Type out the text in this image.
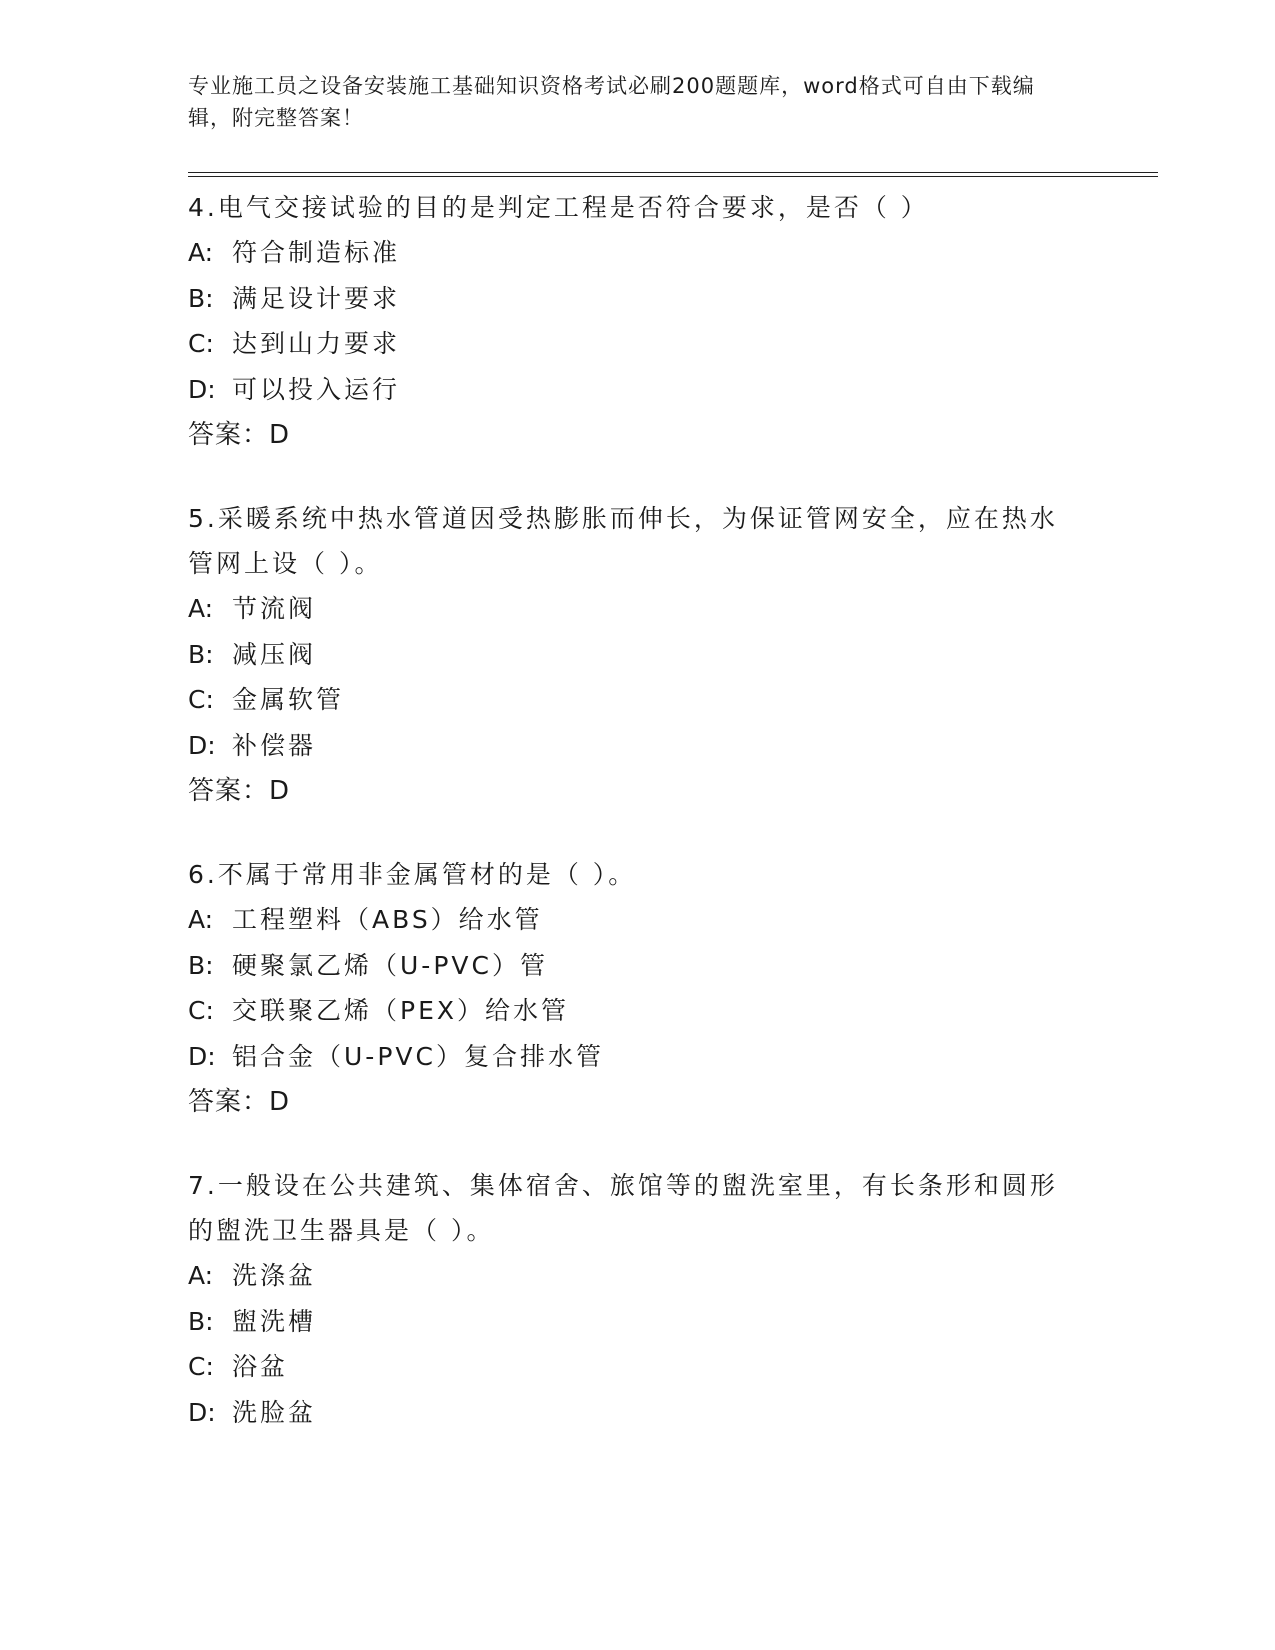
专业施工员之设备安装施工基础知识资格考试必刷200题题库，word格式可自由下载编辑，附完整答案！

4.电气交接试验的目的是判定工程是否符合要求，是否（ ）

A: 符合制造标准

B: 满足设计要求

C: 达到山力要求

D: 可以投入运行

答案：D

5.采暖系统中热水管道因受热膨胀而伸长，为保证管网安全，应在热水管网上设（ ）。

A: 节流阀

B: 减压阀

C: 金属软管

D: 补偿器

答案：D

6.不属于常用非金属管材的是（ ）。

A: 工程塑料（ABS）给水管

B: 硬聚氯乙烯（U-PVC）管

C: 交联聚乙烯（PEX）给水管

D: 铝合金（U-PVC）复合排水管

答案：D

7.一般设在公共建筑、集体宿舍、旅馆等的盥洗室里，有长条形和圆形的盥洗卫生器具是（ ）。

A: 洗涤盆

B: 盥洗槽

C: 浴盆

D: 洗脸盆
